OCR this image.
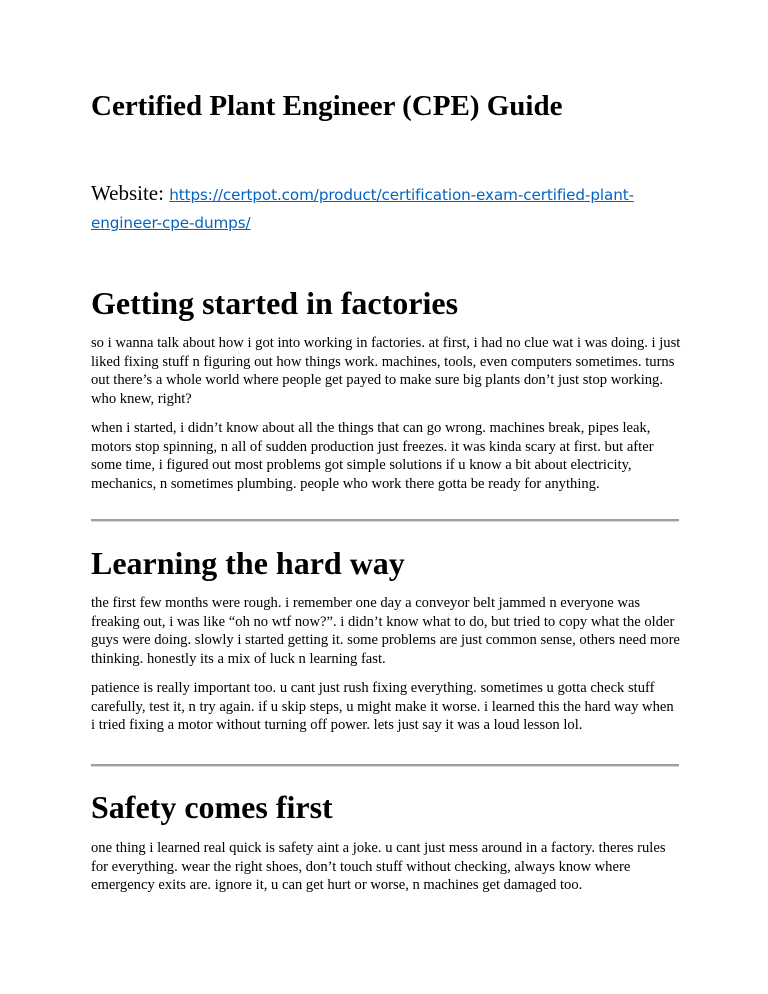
Certified Plant Engineer (CPE) Guide

Website: https://certpot.com/product/certification-exam-certified-plant-engineer-cpe-dumps/

Getting started in factories

so i wanna talk about how i got into working in factories. at first, i had no clue wat i was doing. i just liked fixing stuff n figuring out how things work. machines, tools, even computers sometimes. turns out there’s a whole world where people get payed to make sure big plants don’t just stop working. who knew, right?

when i started, i didn’t know about all the things that can go wrong. machines break, pipes leak, motors stop spinning, n all of sudden production just freezes. it was kinda scary at first. but after some time, i figured out most problems got simple solutions if u know a bit about electricity, mechanics, n sometimes plumbing. people who work there gotta be ready for anything.

Learning the hard way

the first few months were rough. i remember one day a conveyor belt jammed n everyone was freaking out, i was like “oh no wtf now?”. i didn’t know what to do, but tried to copy what the older guys were doing. slowly i started getting it. some problems are just common sense, others need more thinking. honestly its a mix of luck n learning fast.

patience is really important too. u cant just rush fixing everything. sometimes u gotta check stuff carefully, test it, n try again. if u skip steps, u might make it worse. i learned this the hard way when i tried fixing a motor without turning off power. lets just say it was a loud lesson lol.

Safety comes first

one thing i learned real quick is safety aint a joke. u cant just mess around in a factory. theres rules for everything. wear the right shoes, don’t touch stuff without checking, always know where emergency exits are. ignore it, u can get hurt or worse, n machines get damaged too.
